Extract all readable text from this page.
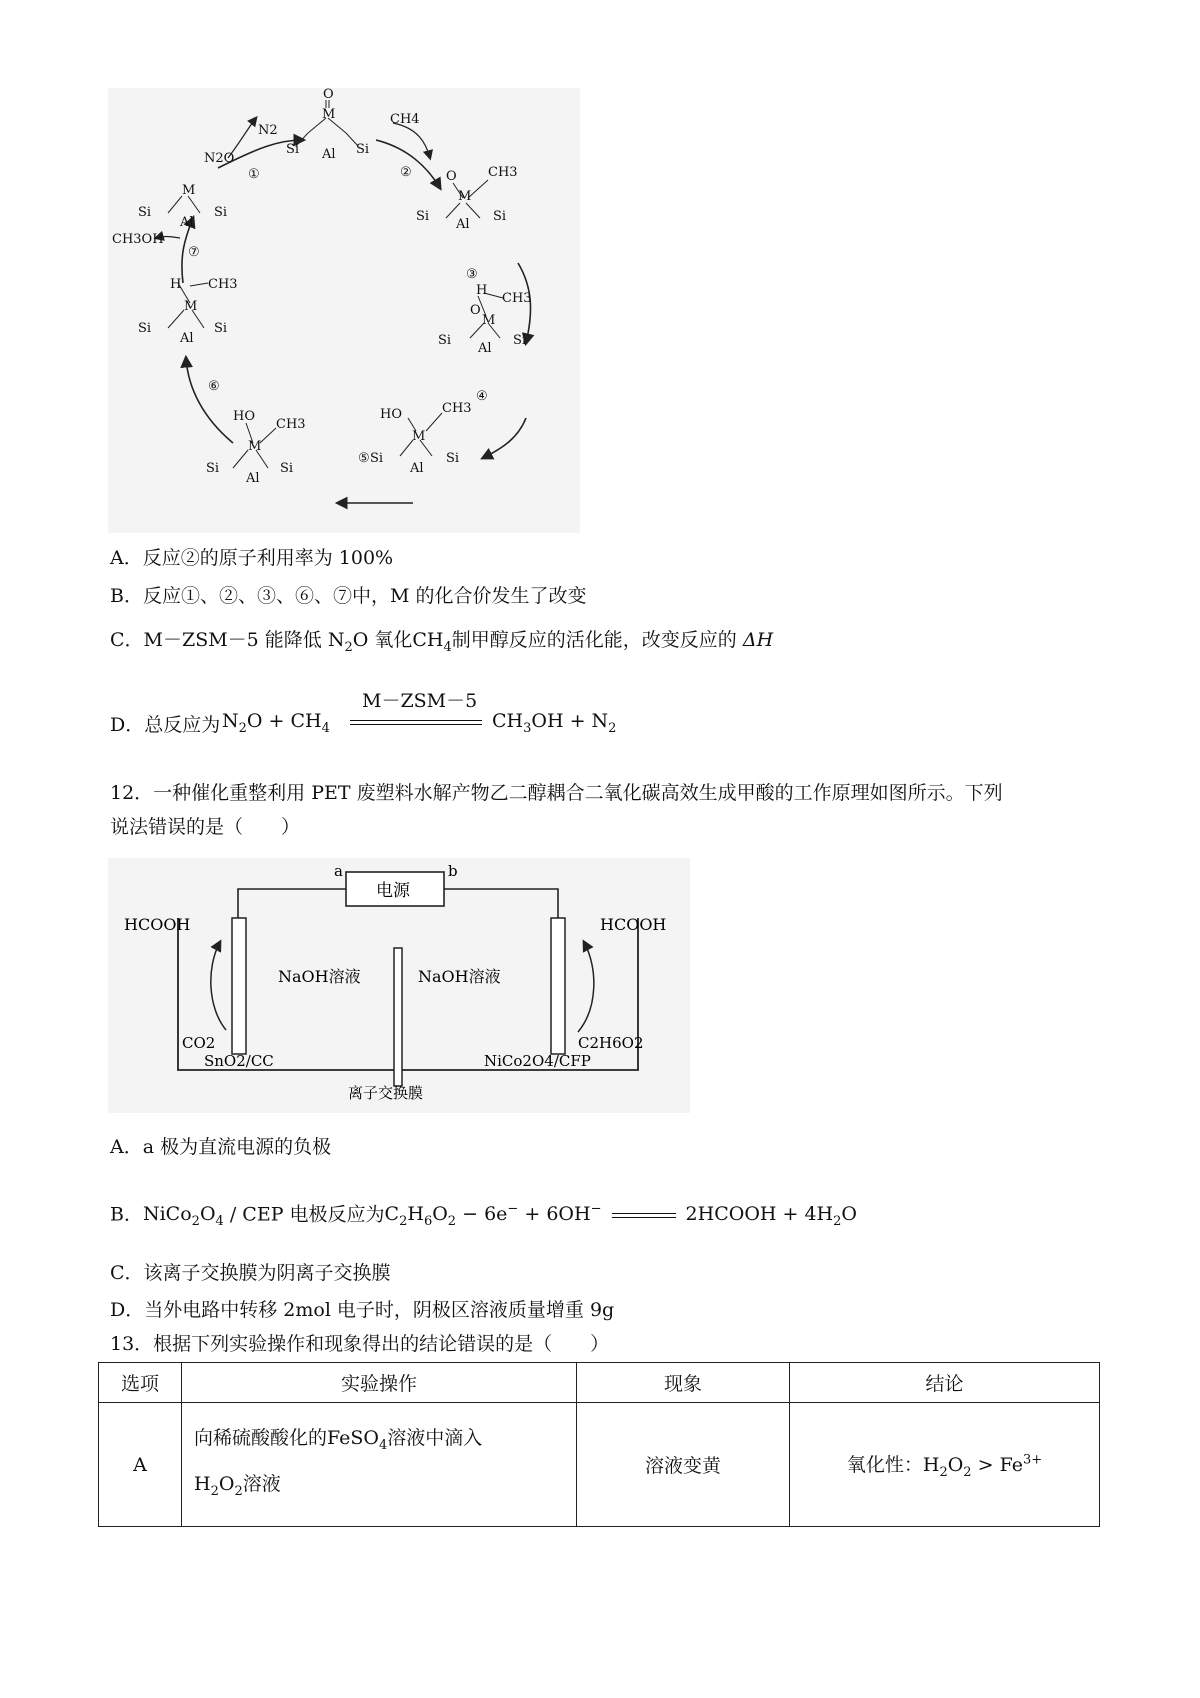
①	②
③
④
⑤
⑥
⑦
N2O
N2
CH4
CH3OH
O
M
Si Al Si
O
M
CH3
Si
Al
Si
H
CH3
O
M
Si
Al
Si
HO	CH3
M
Si
Al
Si
HO
CH3
M
Si
Al
Si
H CH3
M
Si
Al
Si
M
Si
Al
Si
A．反应②的原子利用率为 100%
B．反应①、②、③、⑥、⑦中，M 的化合价发生了改变
C．M－ZSM－5 能降低 $N_2O$ 氧化$CH_4$制甲醇反应的活化能，改变反应的 ΔH
D．总反应为 $N_2O + CH_4$
M－ZSM－5
$CH_3OH + N_2$
12．一种催化重整利用 PET 废塑料水解产物乙二醇耦合二氧化碳高效生成甲酸的工作原理如图所示。下列
说法错误的是（　　）
电源
a	b
HCOOH	HCOOH
NaOH溶液	NaOH溶液
CO2	C2H6O2
SnO2/CC	NiCo2O4/CFP
离子交换膜
A．a 极为直流电源的负极
B．$NiCo_2O_4$ / CEP 电极反应为$C_2H_6O_2 - 6e^- + 6OH^-$	2HCOOH + $4H_2O$
C．该离子交换膜为阴离子交换膜
D．当外电路中转移 2mol 电子时，阴极区溶液质量增重 9g
13．根据下列实验操作和现象得出的结论错误的是（　　）
选项	实验操作	现象	结论
A	向稀硫酸酸化的FeSO$_4$溶液中滴入
$H_2O_2$溶液	溶液变黄	氧化性：$H_2O_2 > Fe^{3+}$
